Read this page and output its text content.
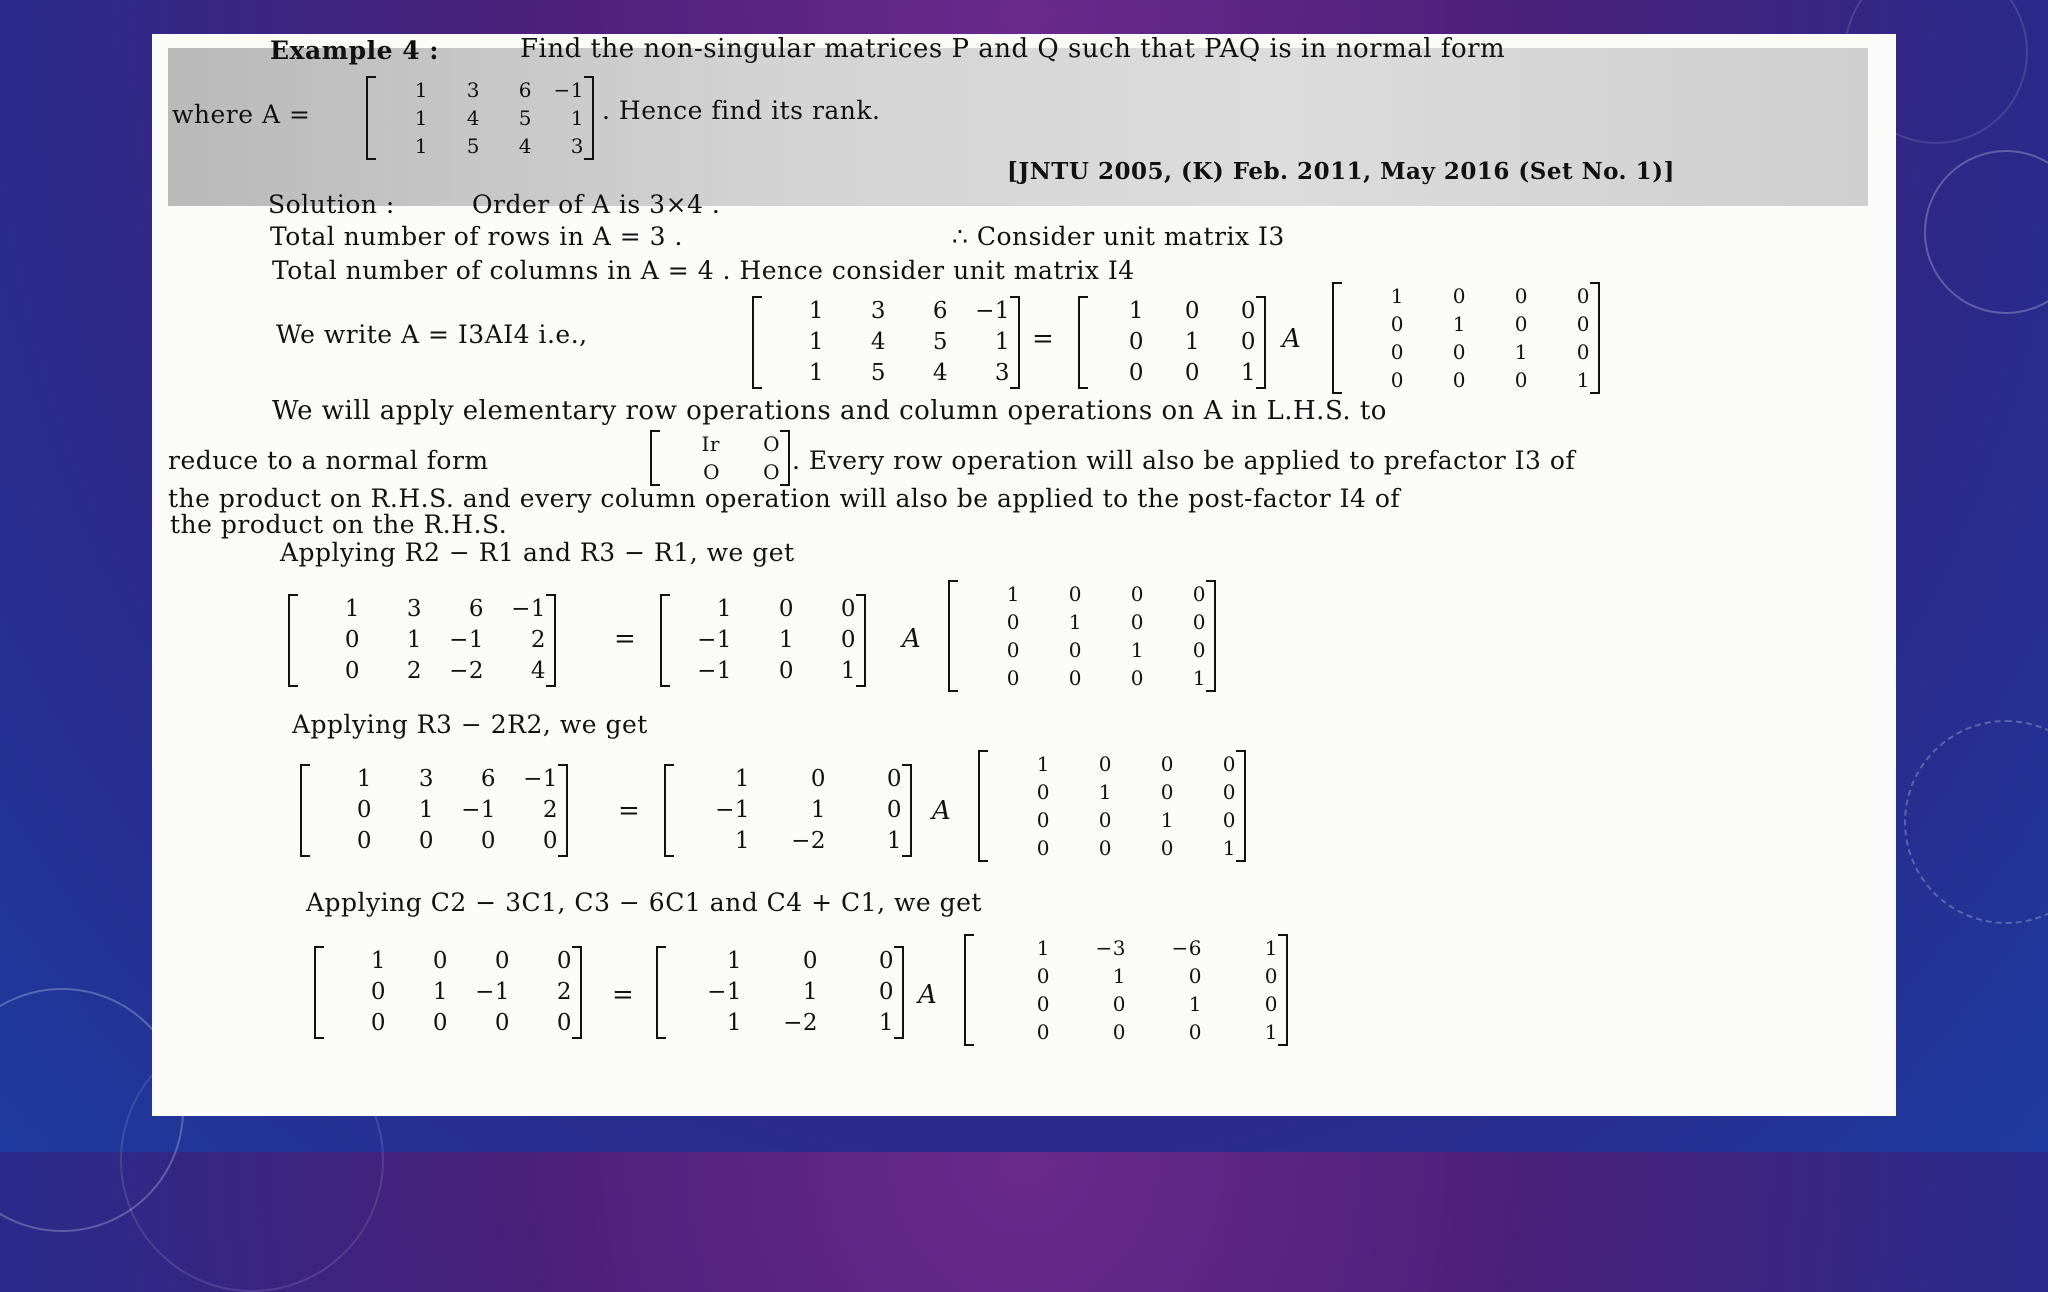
Example 4 :	Find the non-singular matrices P and Q such that PAQ is in normal form
where A =
1	3	6	−1
1	4	5	1
1	5	4	3
. Hence find its rank.
[JNTU 2005, (K) Feb. 2011, May 2016 (Set No. 1)]
Solution :	Order of A is 3×4 .
Total number of rows in A = 3 .	∴ Consider unit matrix I3
Total number of columns in A = 4 . Hence consider unit matrix I4
We write A = I3AI4 i.e.,
1	3	6	−1
1	4	5	1
1	5	4	3
=
1	0	0
0	1	0
0	0	1
A
1	0	0	0
0	1	0	0
0	0	1	0
0	0	0	1
We will apply elementary row operations and column operations on A in L.H.S. to
reduce to a normal form
Ir	O
O	O . Every row operation will also be applied to prefactor I3 of
the product on R.H.S. and every column operation will also be applied to the post-factor I4 of
the product on the R.H.S.
Applying R2 − R1 and R3 − R1, we get
1	3	6	−1
0	1	−1	2
0	2	−2	4
=
1	0	0
−1	1	0
−1	0	1
A
1	0	0	0
0	1	0	0
0	0	1	0
0	0	0	1
Applying R3 − 2R2, we get
1	3	6	−1
0	1	−1	2
0	0	0	0
=
1	0	0
−1	1	0
1	−2	1
A
1	0	0	0
0	1	0	0
0	0	1	0
0	0	0	1
Applying C2 − 3C1, C3 − 6C1 and C4 + C1, we get
1	0	0	0
0	1	−1	2
0	0	0	0
=
1	0	0
−1	1	0
1	−2	1
A
1	−3	−6	1
0	1	0	0
0	0	1	0
0	0	0	1
